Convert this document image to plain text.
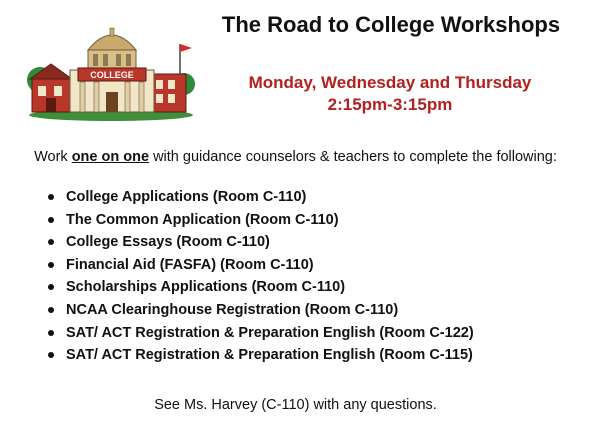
COLLEGE
The Road to College Workshops
Monday, Wednesday and Thursday
2:15pm-3:15pm
Work one on one with guidance counselors & teachers to complete the following:
College Applications (Room C-110)
The Common Application (Room C-110)
College Essays (Room C-110)
Financial Aid (FASFA) (Room C-110)
Scholarships Applications (Room C-110)
NCAA Clearinghouse Registration (Room C-110)
SAT/ ACT Registration & Preparation English (Room C-122)
SAT/ ACT Registration & Preparation English (Room C-115)
See Ms. Harvey (C-110) with any questions.
